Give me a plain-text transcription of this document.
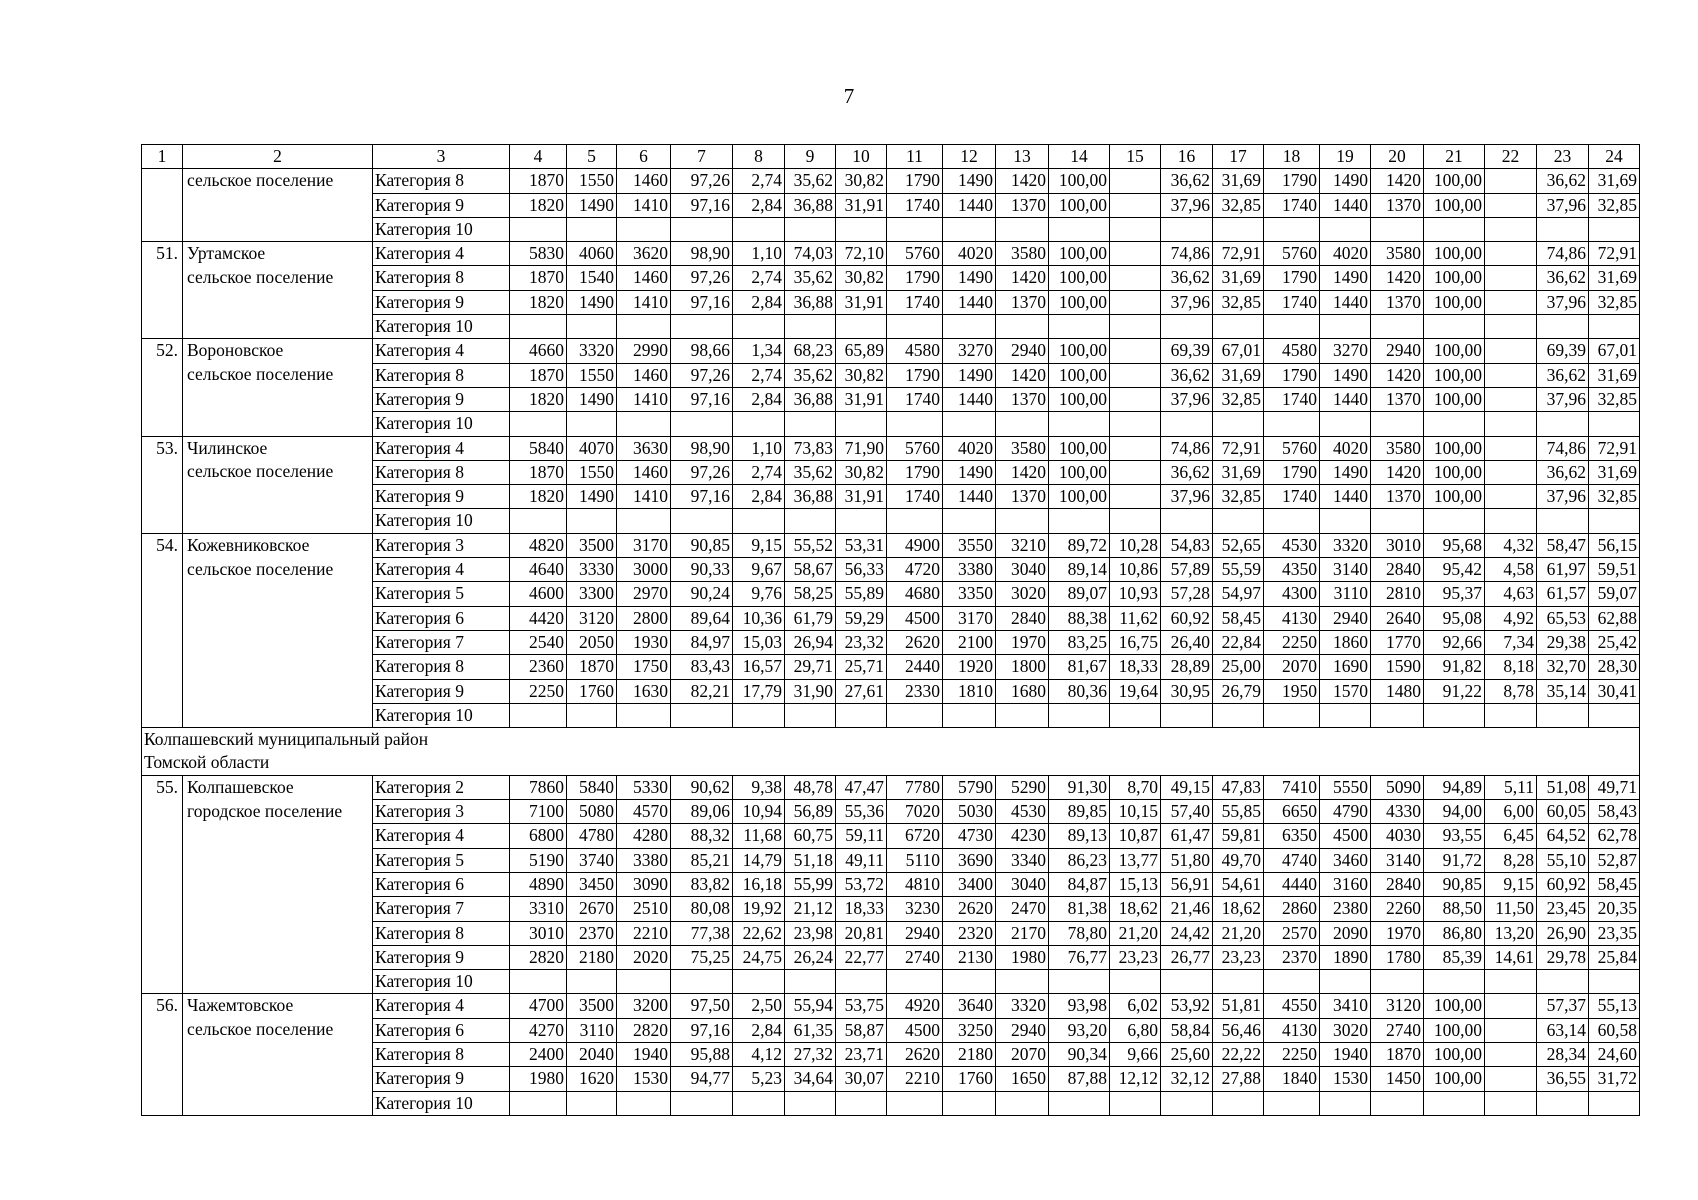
7
1	2	3	4	5	6	7	8	9	10	11	12	13	14	15	16	17	18	19	20	21	22	23	24
	сельское поселение	Категория 8	1870	1550	1460	97,26	2,74	35,62	30,82	1790	1490	1420	100,00		36,62	31,69	1790	1490	1420	100,00		36,62	31,69
		Категория 9	1820	1490	1410	97,16	2,84	36,88	31,91	1740	1440	1370	100,00		37,96	32,85	1740	1440	1370	100,00		37,96	32,85
		Категория 10																					
51.	Уртамское	Категория 4	5830	4060	3620	98,90	1,10	74,03	72,10	5760	4020	3580	100,00		74,86	72,91	5760	4020	3580	100,00		74,86	72,91
	сельское поселение	Категория 8	1870	1540	1460	97,26	2,74	35,62	30,82	1790	1490	1420	100,00		36,62	31,69	1790	1490	1420	100,00		36,62	31,69
		Категория 9	1820	1490	1410	97,16	2,84	36,88	31,91	1740	1440	1370	100,00		37,96	32,85	1740	1440	1370	100,00		37,96	32,85
		Категория 10																					
52.	Вороновское	Категория 4	4660	3320	2990	98,66	1,34	68,23	65,89	4580	3270	2940	100,00		69,39	67,01	4580	3270	2940	100,00		69,39	67,01
	сельское поселение	Категория 8	1870	1550	1460	97,26	2,74	35,62	30,82	1790	1490	1420	100,00		36,62	31,69	1790	1490	1420	100,00		36,62	31,69
		Категория 9	1820	1490	1410	97,16	2,84	36,88	31,91	1740	1440	1370	100,00		37,96	32,85	1740	1440	1370	100,00		37,96	32,85
		Категория 10																					
53.	Чилинское	Категория 4	5840	4070	3630	98,90	1,10	73,83	71,90	5760	4020	3580	100,00		74,86	72,91	5760	4020	3580	100,00		74,86	72,91
	сельское поселение	Категория 8	1870	1550	1460	97,26	2,74	35,62	30,82	1790	1490	1420	100,00		36,62	31,69	1790	1490	1420	100,00		36,62	31,69
		Категория 9	1820	1490	1410	97,16	2,84	36,88	31,91	1740	1440	1370	100,00		37,96	32,85	1740	1440	1370	100,00		37,96	32,85
		Категория 10																					
54.	Кожевниковское	Категория 3	4820	3500	3170	90,85	9,15	55,52	53,31	4900	3550	3210	89,72	10,28	54,83	52,65	4530	3320	3010	95,68	4,32	58,47	56,15
	сельское поселение	Категория 4	4640	3330	3000	90,33	9,67	58,67	56,33	4720	3380	3040	89,14	10,86	57,89	55,59	4350	3140	2840	95,42	4,58	61,97	59,51
		Категория 5	4600	3300	2970	90,24	9,76	58,25	55,89	4680	3350	3020	89,07	10,93	57,28	54,97	4300	3110	2810	95,37	4,63	61,57	59,07
		Категория 6	4420	3120	2800	89,64	10,36	61,79	59,29	4500	3170	2840	88,38	11,62	60,92	58,45	4130	2940	2640	95,08	4,92	65,53	62,88
		Категория 7	2540	2050	1930	84,97	15,03	26,94	23,32	2620	2100	1970	83,25	16,75	26,40	22,84	2250	1860	1770	92,66	7,34	29,38	25,42
		Категория 8	2360	1870	1750	83,43	16,57	29,71	25,71	2440	1920	1800	81,67	18,33	28,89	25,00	2070	1690	1590	91,82	8,18	32,70	28,30
		Категория 9	2250	1760	1630	82,21	17,79	31,90	27,61	2330	1810	1680	80,36	19,64	30,95	26,79	1950	1570	1480	91,22	8,78	35,14	30,41
		Категория 10																					
Колпашевский муниципальный район																							
Томской области																							
55.	Колпашевское	Категория 2	7860	5840	5330	90,62	9,38	48,78	47,47	7780	5790	5290	91,30	8,70	49,15	47,83	7410	5550	5090	94,89	5,11	51,08	49,71
	городское поселение	Категория 3	7100	5080	4570	89,06	10,94	56,89	55,36	7020	5030	4530	89,85	10,15	57,40	55,85	6650	4790	4330	94,00	6,00	60,05	58,43
		Категория 4	6800	4780	4280	88,32	11,68	60,75	59,11	6720	4730	4230	89,13	10,87	61,47	59,81	6350	4500	4030	93,55	6,45	64,52	62,78
		Категория 5	5190	3740	3380	85,21	14,79	51,18	49,11	5110	3690	3340	86,23	13,77	51,80	49,70	4740	3460	3140	91,72	8,28	55,10	52,87
		Категория 6	4890	3450	3090	83,82	16,18	55,99	53,72	4810	3400	3040	84,87	15,13	56,91	54,61	4440	3160	2840	90,85	9,15	60,92	58,45
		Категория 7	3310	2670	2510	80,08	19,92	21,12	18,33	3230	2620	2470	81,38	18,62	21,46	18,62	2860	2380	2260	88,50	11,50	23,45	20,35
		Категория 8	3010	2370	2210	77,38	22,62	23,98	20,81	2940	2320	2170	78,80	21,20	24,42	21,20	2570	2090	1970	86,80	13,20	26,90	23,35
		Категория 9	2820	2180	2020	75,25	24,75	26,24	22,77	2740	2130	1980	76,77	23,23	26,77	23,23	2370	1890	1780	85,39	14,61	29,78	25,84
		Категория 10																					
56.	Чажемтовское	Категория 4	4700	3500	3200	97,50	2,50	55,94	53,75	4920	3640	3320	93,98	6,02	53,92	51,81	4550	3410	3120	100,00		57,37	55,13
	сельское поселение	Категория 6	4270	3110	2820	97,16	2,84	61,35	58,87	4500	3250	2940	93,20	6,80	58,84	56,46	4130	3020	2740	100,00		63,14	60,58
		Категория 8	2400	2040	1940	95,88	4,12	27,32	23,71	2620	2180	2070	90,34	9,66	25,60	22,22	2250	1940	1870	100,00		28,34	24,60
		Категория 9	1980	1620	1530	94,77	5,23	34,64	30,07	2210	1760	1650	87,88	12,12	32,12	27,88	1840	1530	1450	100,00		36,55	31,72
		Категория 10																					
